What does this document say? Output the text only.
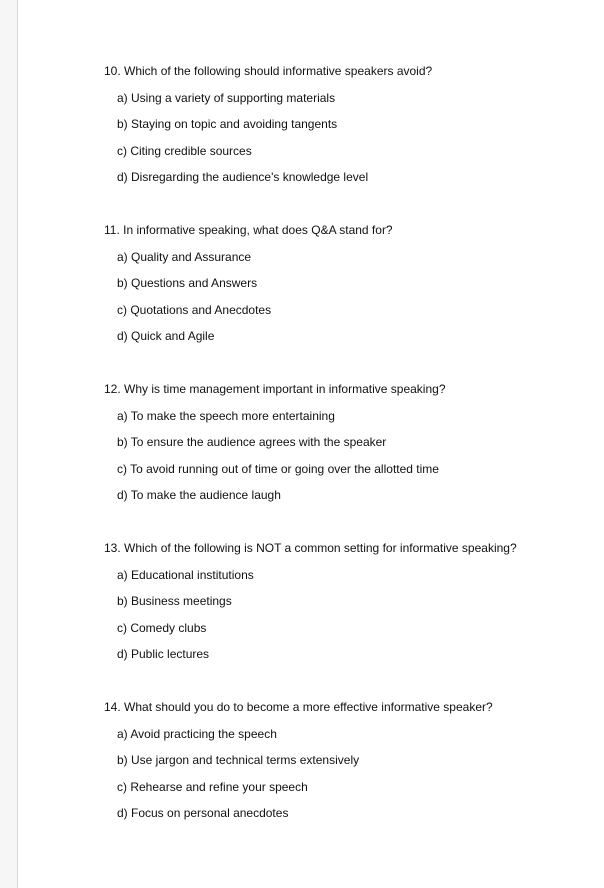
10. Which of the following should informative speakers avoid?
a) Using a variety of supporting materials
b) Staying on topic and avoiding tangents
c) Citing credible sources
d) Disregarding the audience's knowledge level
11. In informative speaking, what does Q&A stand for?
a) Quality and Assurance
b) Questions and Answers
c) Quotations and Anecdotes
d) Quick and Agile
12. Why is time management important in informative speaking?
a) To make the speech more entertaining
b) To ensure the audience agrees with the speaker
c) To avoid running out of time or going over the allotted time
d) To make the audience laugh
13. Which of the following is NOT a common setting for informative speaking?
a) Educational institutions
b) Business meetings
c) Comedy clubs
d) Public lectures
14. What should you do to become a more effective informative speaker?
a) Avoid practicing the speech
b) Use jargon and technical terms extensively
c) Rehearse and refine your speech
d) Focus on personal anecdotes
